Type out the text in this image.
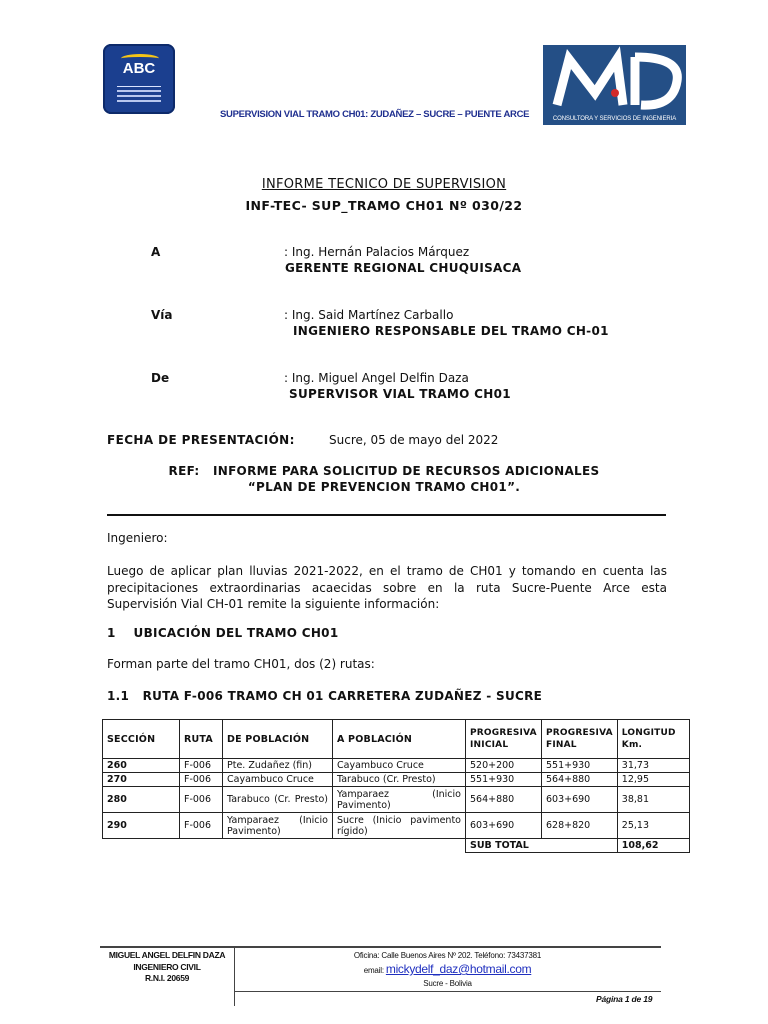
ABC
SUPERVISION VIAL TRAMO CH01: ZUDAÑEZ – SUCRE – PUENTE ARCE	CONSULTORA Y SERVICIOS DE INGENIERIA
INFORME TECNICO DE SUPERVISION
INF-TEC- SUP_TRAMO CH01 Nº 030/22
A	: Ing. Hernán Palacios Márquez
GERENTE REGIONAL CHUQUISACA
Vía	: Ing. Said Martínez Carballo
INGENIERO RESPONSABLE DEL TRAMO CH-01
De	: Ing. Miguel Angel Delfin Daza
SUPERVISOR VIAL TRAMO CH01
FECHA DE PRESENTACIÓN:	Sucre, 05 de mayo del 2022
REF:   INFORME PARA SOLICITUD DE RECURSOS ADICIONALES
“PLAN DE PREVENCION TRAMO CH01”.
Ingeniero:
Luego de aplicar plan lluvias 2021-2022, en el tramo de CH01 y tomando en cuenta las precipitaciones extraordinarias acaecidas sobre en la ruta Sucre-Puente Arce esta Supervisión Vial CH-01 remite la siguiente información:
1    UBICACIÓN DEL TRAMO CH01
Forman parte del tramo CH01, dos (2) rutas:
1.1   RUTA F-006 TRAMO CH 01 CARRETERA ZUDAÑEZ - SUCRE
SECCIÓN	RUTA	DE POBLACIÓN	A POBLACIÓN	PROGRESIVA INICIAL	PROGRESIVA FINAL	LONGITUD Km.
260	F-006	Pte. Zudañez (fin)	Cayambuco Cruce	520+200	551+930	31,73
270	F-006	Cayambuco Cruce	Tarabuco (Cr. Presto)	551+930	564+880	12,95
280	F-006	Tarabuco (Cr. Presto)	Yamparaez (Inicio Pavimento)	564+880	603+690	38,81
290	F-006	Yamparaez (Inicio Pavimento)	Sucre (Inicio pavimento rígido)	603+690	628+820	25,13
				SUB TOTAL		108,62
MIGUEL ANGEL DELFIN DAZA
INGENIERO CIVIL
R.N.I. 20659
Oficina: Calle Buenos Aires Nº 202. Teléfono: 73437381
email: mickydelf_daz@hotmail.com
Sucre - Bolivia
Página 1 de 19
